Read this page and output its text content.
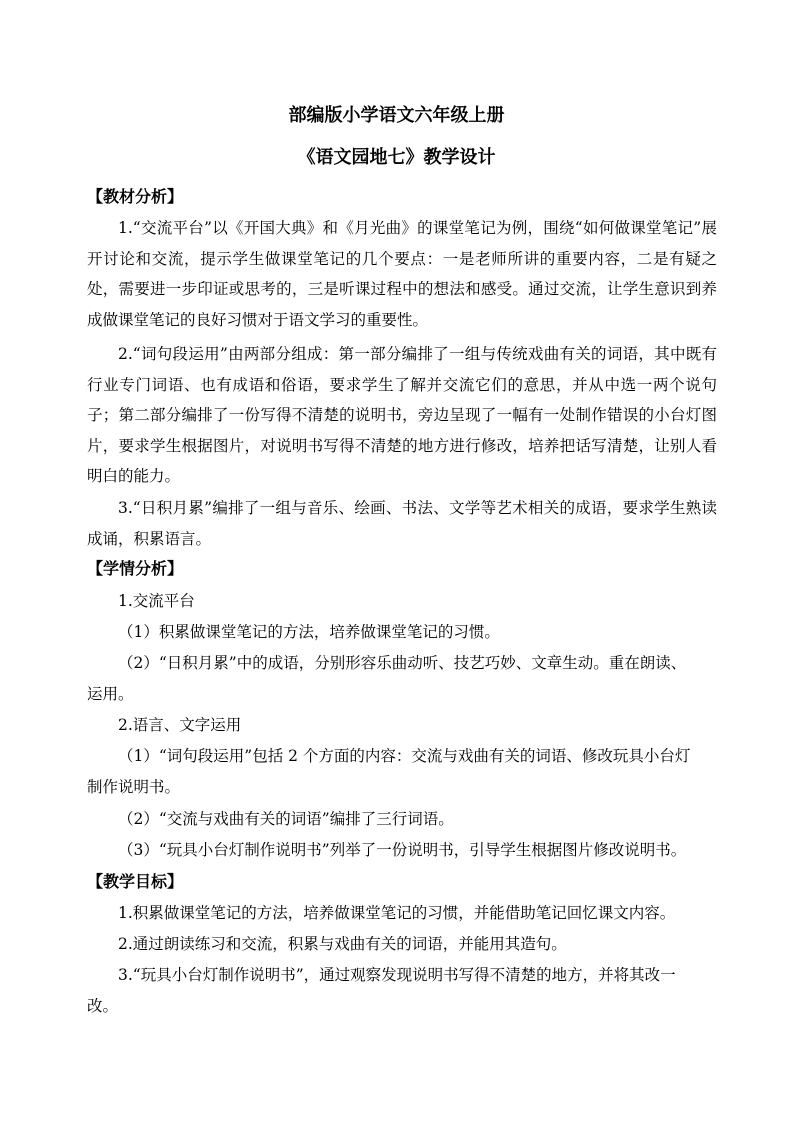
部编版小学语文六年级上册
《语文园地七》教学设计
【教材分析】
1.“交流平台”以《开国大典》和《月光曲》的课堂笔记为例，围绕“如何做课堂笔记”展开讨论和交流，提示学生做课堂笔记的几个要点：一是老师所讲的重要内容，二是有疑之处，需要进一步印证或思考的，三是听课过程中的想法和感受。通过交流，让学生意识到养成做课堂笔记的良好习惯对于语文学习的重要性。
2.“词句段运用”由两部分组成：第一部分编排了一组与传统戏曲有关的词语，其中既有行业专门词语、也有成语和俗语，要求学生了解并交流它们的意思，并从中选一两个说句子；第二部分编排了一份写得不清楚的说明书，旁边呈现了一幅有一处制作错误的小台灯图片，要求学生根据图片，对说明书写得不清楚的地方进行修改，培养把话写清楚，让别人看明白的能力。
3.“日积月累”编排了一组与音乐、绘画、书法、文学等艺术相关的成语，要求学生熟读成诵，积累语言。
【学情分析】
1.交流平台
（1）积累做课堂笔记的方法，培养做课堂笔记的习惯。
（2）“日积月累”中的成语，分别形容乐曲动听、技艺巧妙、文章生动。重在朗读、
运用。
2.语言、文字运用
（1）“词句段运用”包括 2 个方面的内容：交流与戏曲有关的词语、修改玩具小台灯
制作说明书。
（2）“交流与戏曲有关的词语”编排了三行词语。
（3）“玩具小台灯制作说明书”列举了一份说明书，引导学生根据图片修改说明书。
【教学目标】
1.积累做课堂笔记的方法，培养做课堂笔记的习惯，并能借助笔记回忆课文内容。
2.通过朗读练习和交流，积累与戏曲有关的词语，并能用其造句。
3.“玩具小台灯制作说明书”，通过观察发现说明书写得不清楚的地方，并将其改一
改。
